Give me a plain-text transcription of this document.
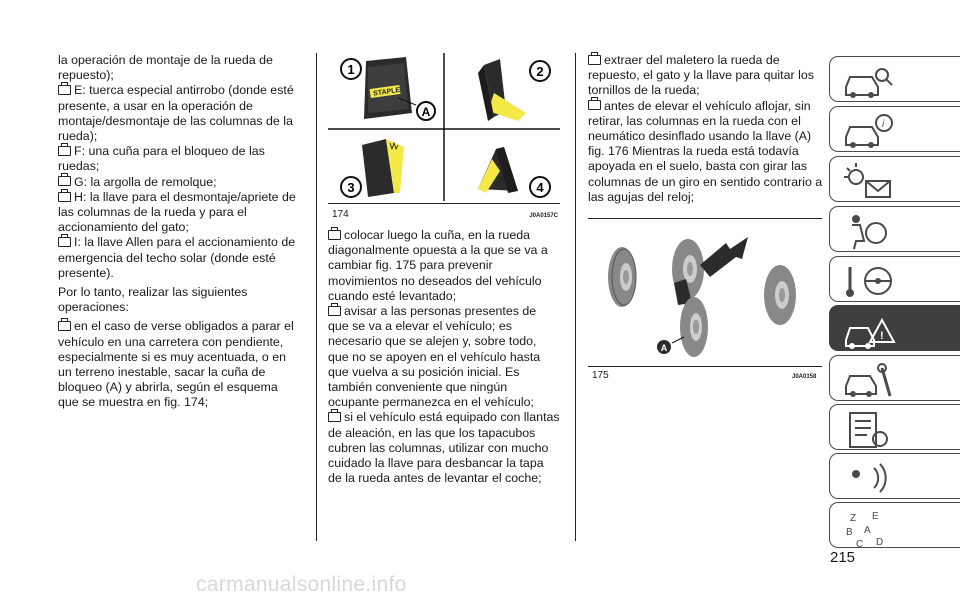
la operación de montaje de la rueda de repuesto);

E: tuerca especial antirrobo (donde esté presente, a usar en la operación de montaje/desmontaje de las columnas de la rueda);

F: una cuña para el bloqueo de las ruedas;

G: la argolla de remolque;

H: la llave para el desmontaje/apriete de las columnas de la rueda y para el accionamiento del gato;

I: la llave Allen para el accionamiento de emergencia del techo solar (donde esté presente).

Por lo tanto, realizar las siguientes operaciones:

en el caso de verse obligados a parar el vehículo en una carretera con pendiente, especialmente si es muy acentuada, o en un terreno inestable, sacar la cuña de bloqueo (A) y abrirla, según el esquema que se muestra en fig. 174;

STAPLE
1
A
2
3	4
174	J0A0157C

colocar luego la cuña, en la rueda diagonalmente opuesta a la que se va a cambiar fig. 175 para prevenir movimientos no deseados del vehículo cuando esté levantado;

avisar a las personas presentes de que se va a elevar el vehículo; es necesario que se alejen y, sobre todo, que no se apoyen en el vehículo hasta que vuelva a su posición inicial. Es también conveniente que ningún ocupante permanezca en el vehículo;

si el vehículo está equipado con llantas de aleación, en las que los tapacubos cubren las columnas, utilizar con mucho cuidado la llave para desbancar la tapa de la rueda antes de levantar el coche;

extraer del maletero la rueda de repuesto, el gato y la llave para quitar los tornillos de la rueda;

antes de elevar el vehículo aflojar, sin retirar, las columnas en la rueda con el neumático desinflado usando la llave (A) fig. 176 Mientras la rueda está todavía apoyada en el suelo, basta con girar las columnas de un giro en sentido contrario a las agujas del reloj;

A
175	J0A0158
i
!
Z E
B A
C D
215
carmanualsonline.info
